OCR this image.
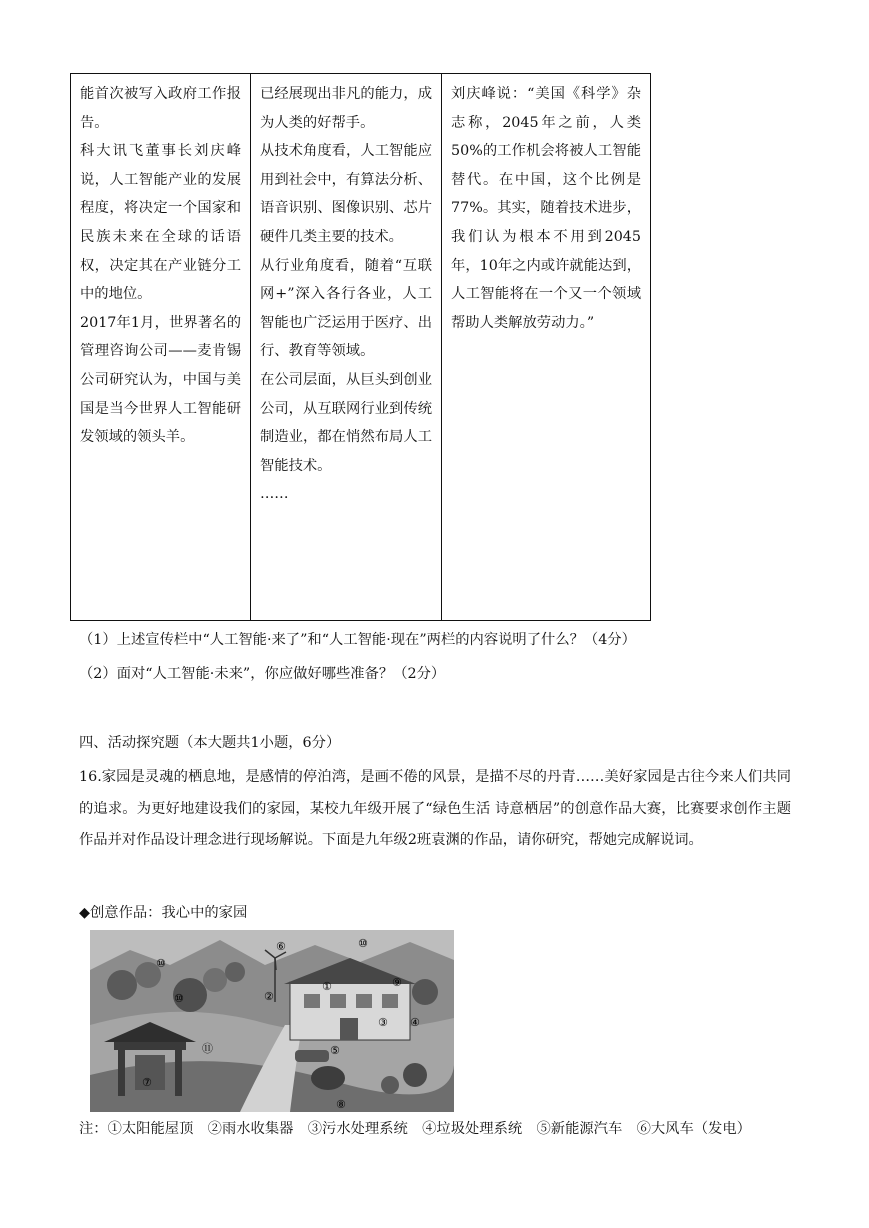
能首次被写入政府工作报告。

科大讯飞董事长刘庆峰说，人工智能产业的发展程度，将决定一个国家和民族未来在全球的话语权，决定其在产业链分工中的地位。

2017年1月，世界著名的管理咨询公司——麦肯锡公司研究认为，中国与美国是当今世界人工智能研发领域的领头羊。

已经展现出非凡的能力，成为人类的好帮手。

从技术角度看，人工智能应用到社会中，有算法分析、语音识别、图像识别、芯片硬件几类主要的技术。

从行业角度看，随着“互联网+”深入各行各业，人工智能也广泛运用于医疗、出行、教育等领域。

在公司层面，从巨头到创业公司，从互联网行业到传统制造业，都在悄然布局人工智能技术。

……

刘庆峰说：“美国《科学》杂志称，2045年之前，人类50%的工作机会将被人工智能替代。在中国，这个比例是77%。其实，随着技术进步，我们认为根本不用到2045年，10年之内或许就能达到，人工智能将在一个又一个领域帮助人类解放劳动力。”

（1）上述宣传栏中“人工智能·来了”和“人工智能·现在”两栏的内容说明了什么？（4分）
（2）面对“人工智能·未来”，你应做好哪些准备？（2分）
四、活动探究题（本大题共1小题，6分）
16.家园是灵魂的栖息地，是感情的停泊湾，是画不倦的风景，是描不尽的丹青……美好家园是古往今来人们共同的追求。为更好地建设我们的家园，某校九年级开展了“绿色生活 诗意栖居”的创意作品大赛，比赛要求创作主题作品并对作品设计理念进行现场解说。下面是九年级2班袁渊的作品，请你研究，帮她完成解说词。
◆创意作品：我心中的家园
①
②
③ ④
⑤
⑥
⑦
⑧
⑨
⑩
⑩
⑩
⑪
注：①太阳能屋顶　②雨水收集器　③污水处理系统　④垃圾处理系统　⑤新能源汽车　⑥大风车（发电）
